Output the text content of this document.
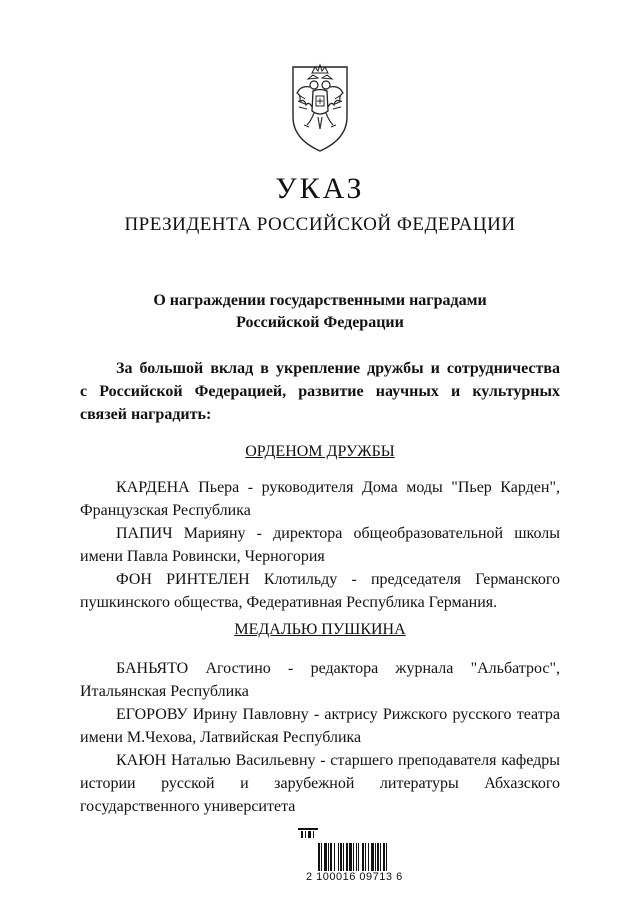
УКАЗ
ПРЕЗИДЕНТА РОССИЙСКОЙ ФЕДЕРАЦИИ
О награждении государственными наградами
Российской Федерации
За большой вклад в укрепление дружбы и сотрудничества
с Российской Федерацией, развитие научных и культурных
связей наградить:
ОРДЕНОМ ДРУЖБЫ
КАРДЕНА Пьера - руководителя Дома моды "Пьер Карден",
Французская Республика
ПАПИЧ Марияну - директора общеобразовательной школы
имени Павла Ровински, Черногория
ФОН РИНТЕЛЕН Клотильду - председателя Германского
пушкинского общества, Федеративная Республика Германия.
МЕДАЛЬЮ ПУШКИНА
БАНЬЯТО Агостино - редактора журнала "Альбатрос",
Итальянская Республика
ЕГОРОВУ Ирину Павловну - актрису Рижского русского театра
имени М.Чехова, Латвийская Республика
КАЮН Наталью Васильевну - старшего преподавателя кафедры
истории русской и зарубежной литературы Абхазского
государственного университета
2 100016 09713 6
